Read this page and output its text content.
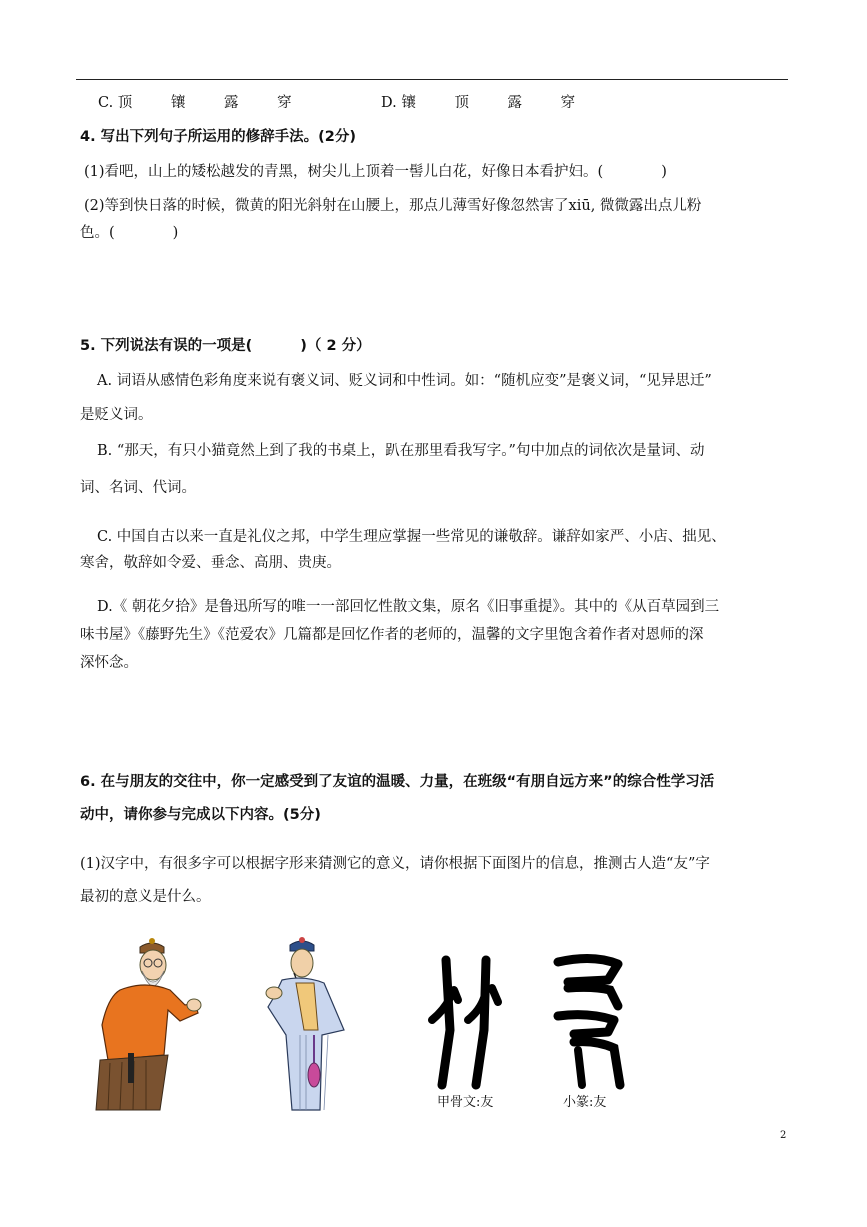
C. 顶	镶	露	穿	D. 镶	顶	露	穿
4. 写出下列句子所运用的修辞手法。(2分)
(1)看吧，山上的矮松越发的青黑，树尖儿上顶着一髻儿白花，好像日本看护妇。(	)
(2)等到快日落的时候，微黄的阳光斜射在山腰上，那点儿薄雪好像忽然害了xiū, 微微露出点儿粉
色。(	)
5. 下列说法有误的一项是(	)（ 2 分）
A. 词语从感情色彩角度来说有褒义词、贬义词和中性词。如：“随机应变”是褒义词，“见异思迁”
是贬义词。
B. “那天，有只小猫竟然上到了我的书桌上，趴在那里看我写字。”句中加点的词依次是量词、动
词、名词、代词。
C. 中国自古以来一直是礼仪之邦，中学生理应掌握一些常见的谦敬辞。谦辞如家严、小店、拙见、
寒舍，敬辞如令爱、垂念、高朋、贵庚。
D.《 朝花夕拾》是鲁迅所写的唯一一部回忆性散文集，原名《旧事重提》。其中的《从百草园到三
味书屋》《藤野先生》《范爱农》几篇都是回忆作者的老师的，温馨的文字里饱含着作者对恩师的深
深怀念。
6. 在与朋友的交往中，你一定感受到了友谊的温暖、力量，在班级“有朋自远方来”的综合性学习活
动中，请你参与完成以下内容。(5分)
(1)汉字中，有很多字可以根据字形来猜测它的意义，请你根据下面图片的信息，推测古人造“友”字
最初的意义是什么。
甲骨文:友	小篆:友
2
